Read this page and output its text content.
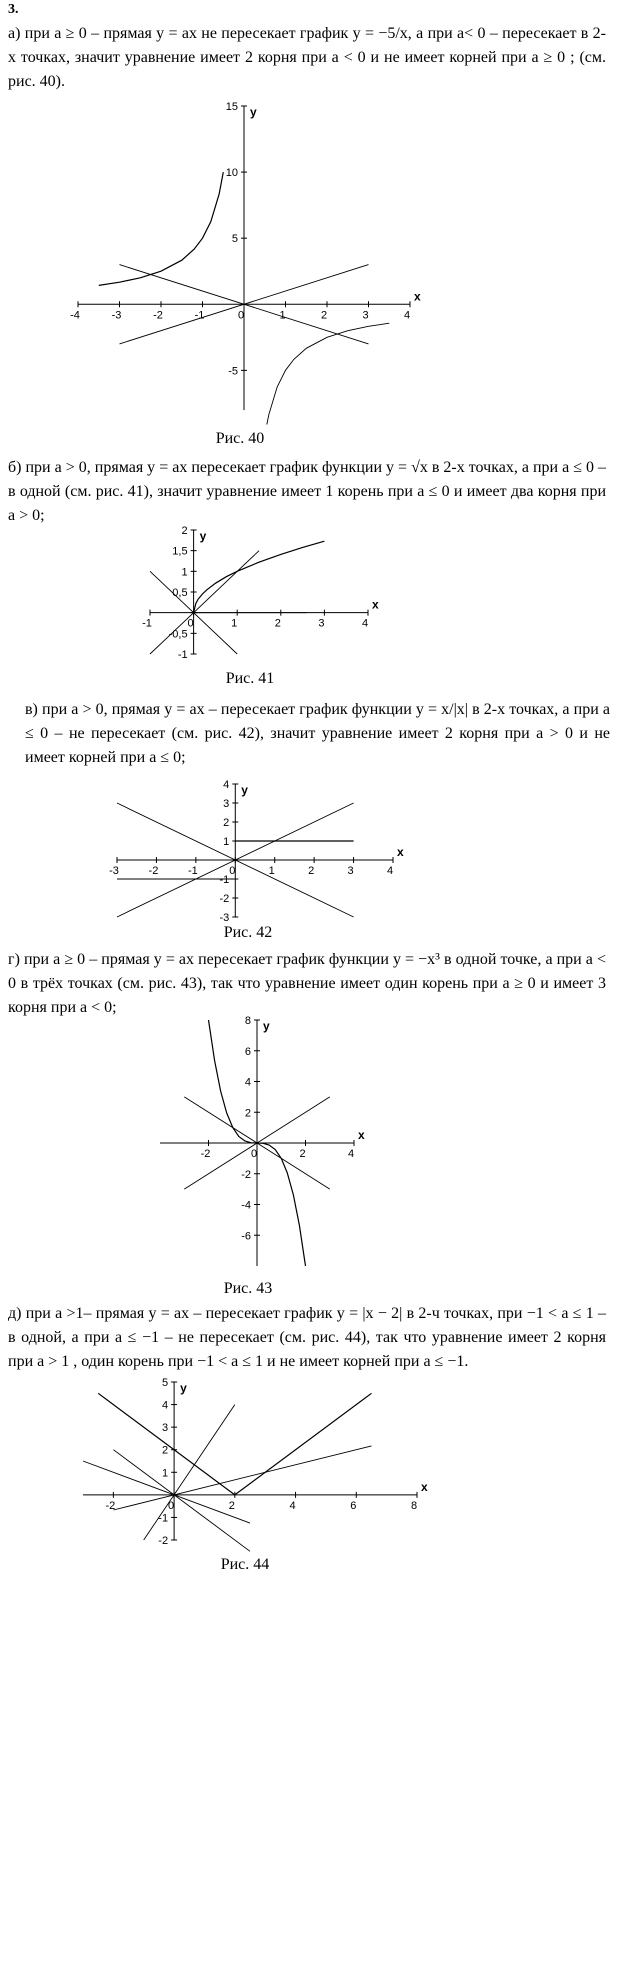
3.

а) при a ≥ 0 – прямая y = ax не пересекает график y = −5/x, а при a< 0 – пересекает в 2-х точках, значит уравнение имеет 2 корня при a < 0 и не имеет корней при a ≥ 0 ; (см. рис. 40).

-4	-3	-2	-1	0	1	2	3	4
-5
5
10
15
x
y
Рис. 40

б) при a > 0, прямая y = ax пересекает график функции y = √x в 2-х точках, а при a ≤ 0 – в одной (см. рис. 41), значит уравнение имеет 1 корень при a ≤ 0 и имеет два корня при a > 0;

-1	0	1	2	3	4
-1
-0,5
0,5
1
1,5
2
x
y
Рис. 41

в) при a > 0, прямая y = ax – пересекает график функции y = x/|x| в 2-х точках, а при a ≤ 0 – не пересекает (см. рис. 42), значит уравнение имеет 2 корня при a > 0 и не имеет корней при a ≤ 0;

-3	-2	-1	0	1	2	3	4
-3
-2
-1
1
2
3
4
x
y
Рис. 42

г) при a ≥ 0 – прямая y = ax пересекает график функции y = −x³ в одной точке, а при a < 0 в трёх точках (см. рис. 43), так что уравнение имеет один корень при a ≥ 0 и имеет 3 корня при a < 0;

-2	0	2	4
-6
-4
-2
2
4
6
8
x
y
Рис. 43

д) при a >1– прямая y = ax – пересекает график y = |x − 2| в 2-ч точках, при −1 < a ≤ 1 – в одной, а при a ≤ −1 – не пересекает (см. рис. 44), так что уравнение имеет 2 корня при a > 1 , один корень при −1 < a ≤ 1 и не имеет корней при a ≤ −1.

-2	0	2	4	6	8
-2
-1
1
2
3
4
5
x
y
Рис. 44
